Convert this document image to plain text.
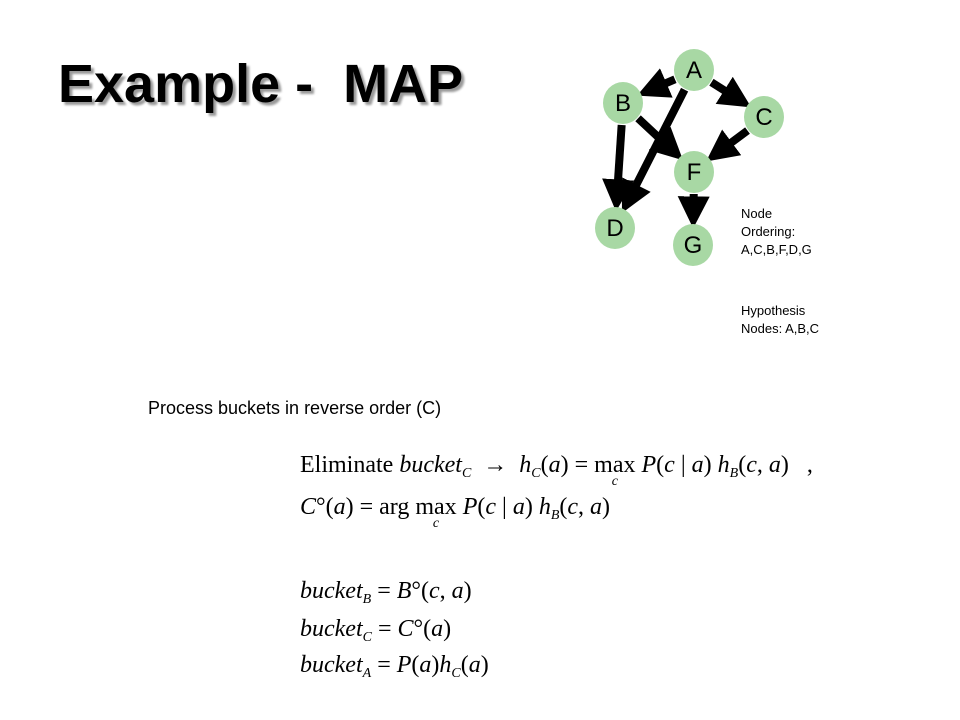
Example -  MAP	A
B
C
F
D
G
Node
Ordering:
A,C,B,F,D,G
Hypothesis
Nodes: A,B,C
Process buckets in reverse order (C)
Eliminate bucket$_C$  →  $h_C(a) = \max$
c
P(c | a) $h_B(c$, a)   ,
C°(a) = arg max
c
P(c | a) $h_B(c$, a)
bucket$_B$ = B°(c, a)
bucket$_C$ = C°(a)
bucket$_A$ = $P(a)h_C(a)$
